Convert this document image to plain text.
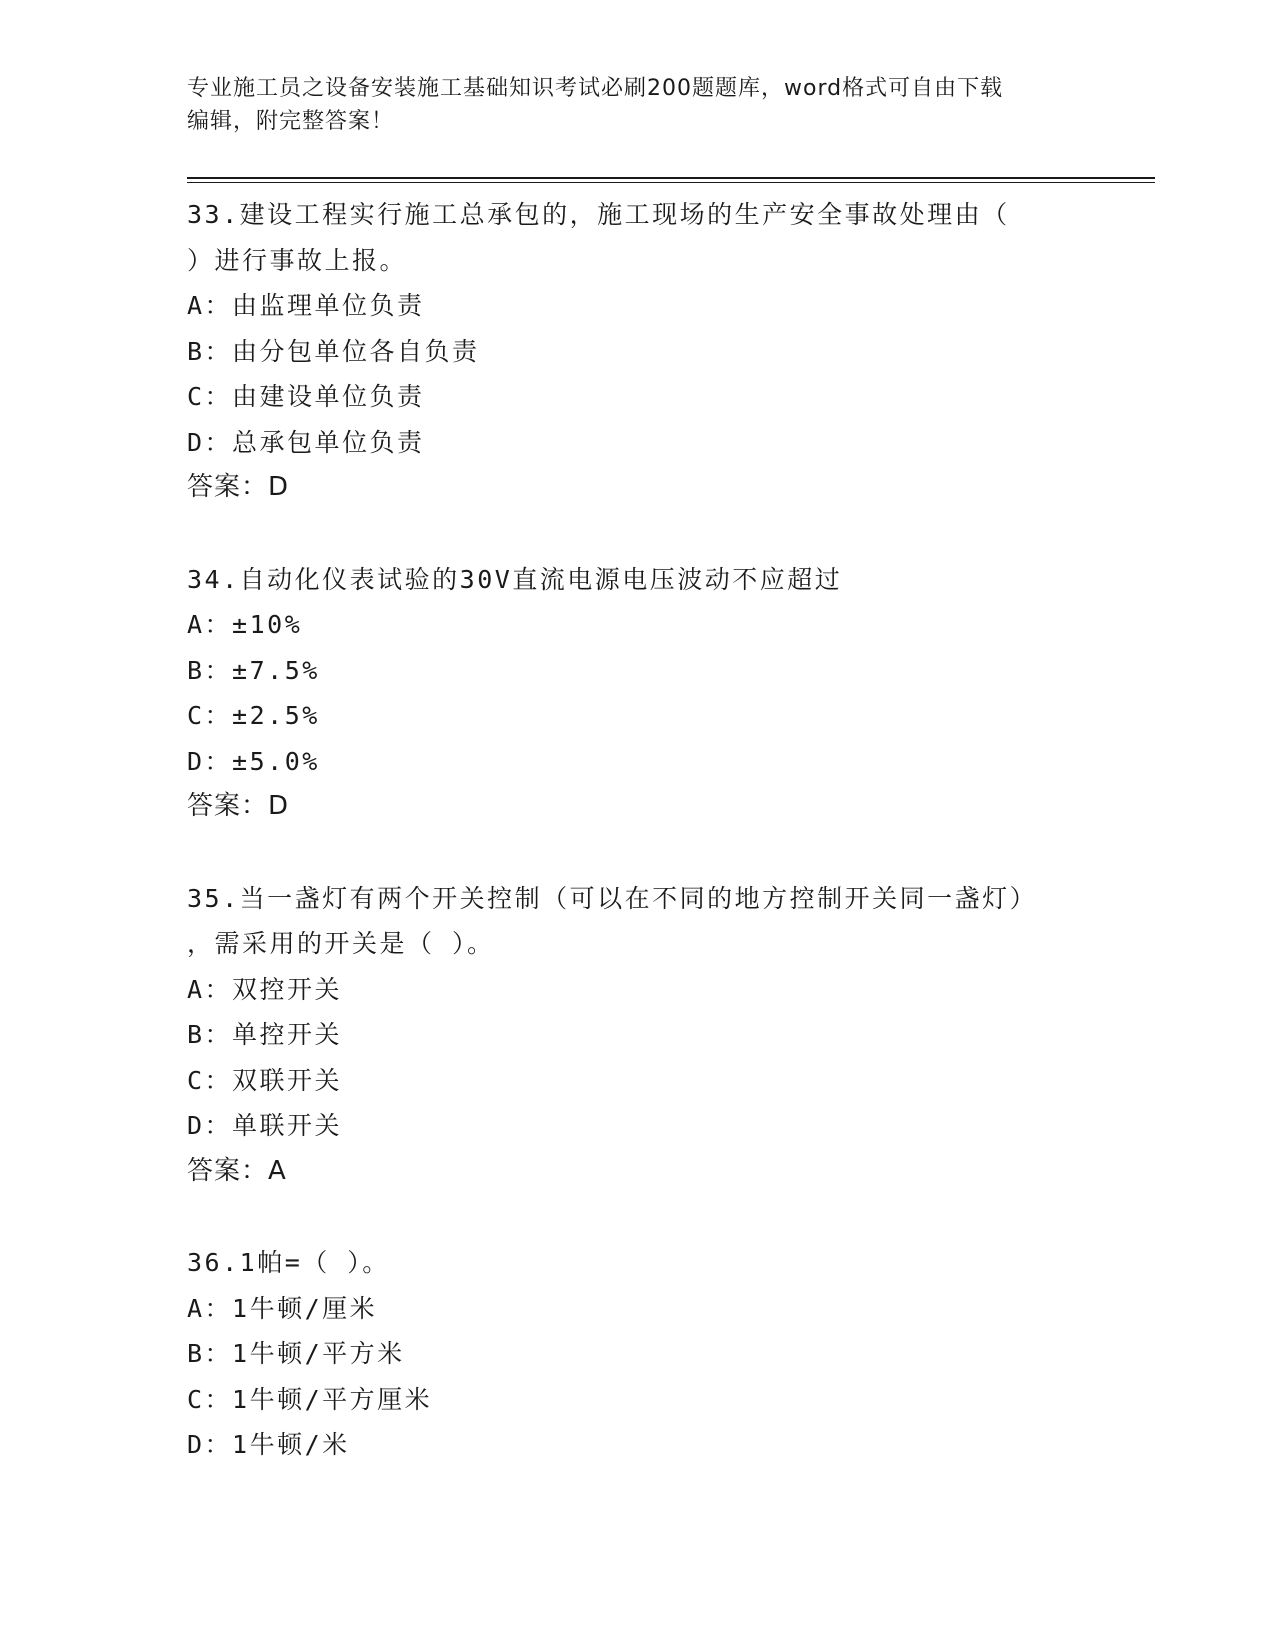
专业施工员之设备安装施工基础知识考试必刷200题题库，word格式可自由下载
编辑，附完整答案！
33.建设工程实行施工总承包的，施工现场的生产安全事故处理由（
）进行事故上报。
A：由监理单位负责
B：由分包单位各自负责
C：由建设单位负责
D：总承包单位负责
答案：D
34.自动化仪表试验的30V直流电源电压波动不应超过
A：±10%
B：±7.5%
C：±2.5%
D：±5.0%
答案：D
35.当一盏灯有两个开关控制（可以在不同的地方控制开关同一盏灯）
，需采用的开关是（ ）。
A：双控开关
B：单控开关
C：双联开关
D：单联开关
答案：A
36.1帕=（ ）。
A：1牛顿/厘米
B：1牛顿/平方米
C：1牛顿/平方厘米
D：1牛顿/米
